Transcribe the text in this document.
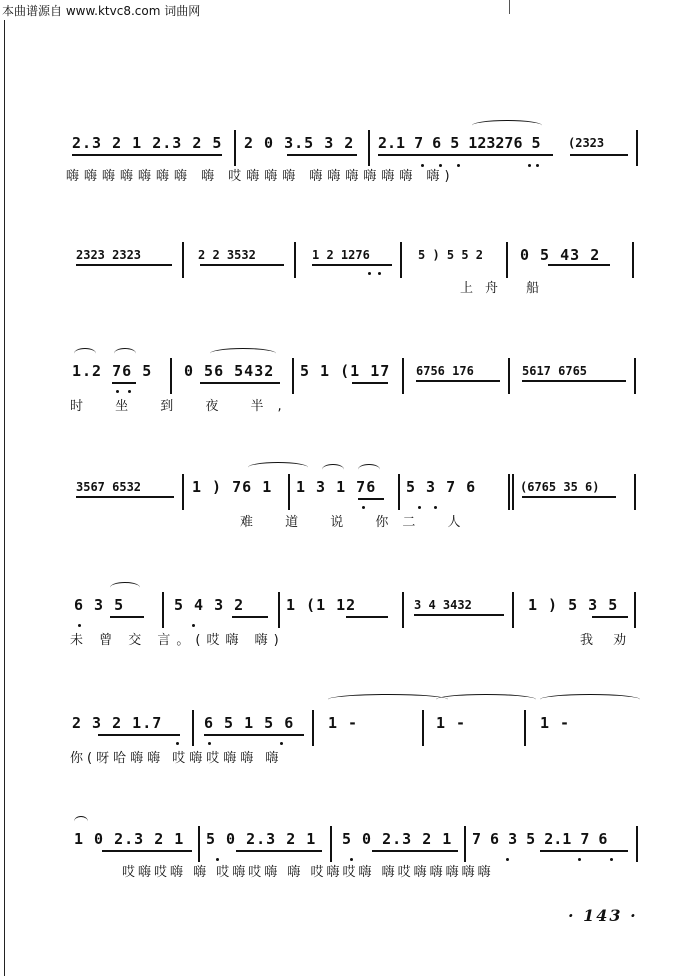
本曲谱源自 www.ktvc8.com 词曲网
2.3 2 1 2.3 2 5 2 0 3.5 3 2 2.1 7 6 5 123276 5 (2323
嗨嗨嗨嗨嗨嗨嗨 嗨 哎嗨嗨嗨 嗨嗨嗨嗨嗨嗨 嗨)
2323 2323	2 2 3532	1 2 1276	5 ) 5 5 2 0 5 43 2
上舟 船
1.2 76 5 0 56 5432 5 1 (1 17 6756 176	5617 6765
时 坐 到 夜 半,
3567 6532	1 ) 76 1 1 3 1 76 5 3 7 6	(6765 35 6)
难 道 说 你二 人
6 3 5	5 4 3 2	1 (1 12	3 4 3432	1 ) 5 3 5
未 曾 交 言。(哎嗨 嗨)	我 劝
2 3 2 1.7	6 5 1 5 6 1 -	1 -	1 -
你(呀哈嗨嗨 哎嗨哎嗨嗨 嗨
1 0 2.3 2 1 5 0 2.3 2 1 5 0 2.3 2 1 7 6 3 5 2.1 7 6
哎嗨哎嗨 嗨 哎嗨哎嗨 嗨 哎嗨哎嗨 嗨哎嗨嗨嗨嗨嗨
· 143 ·
